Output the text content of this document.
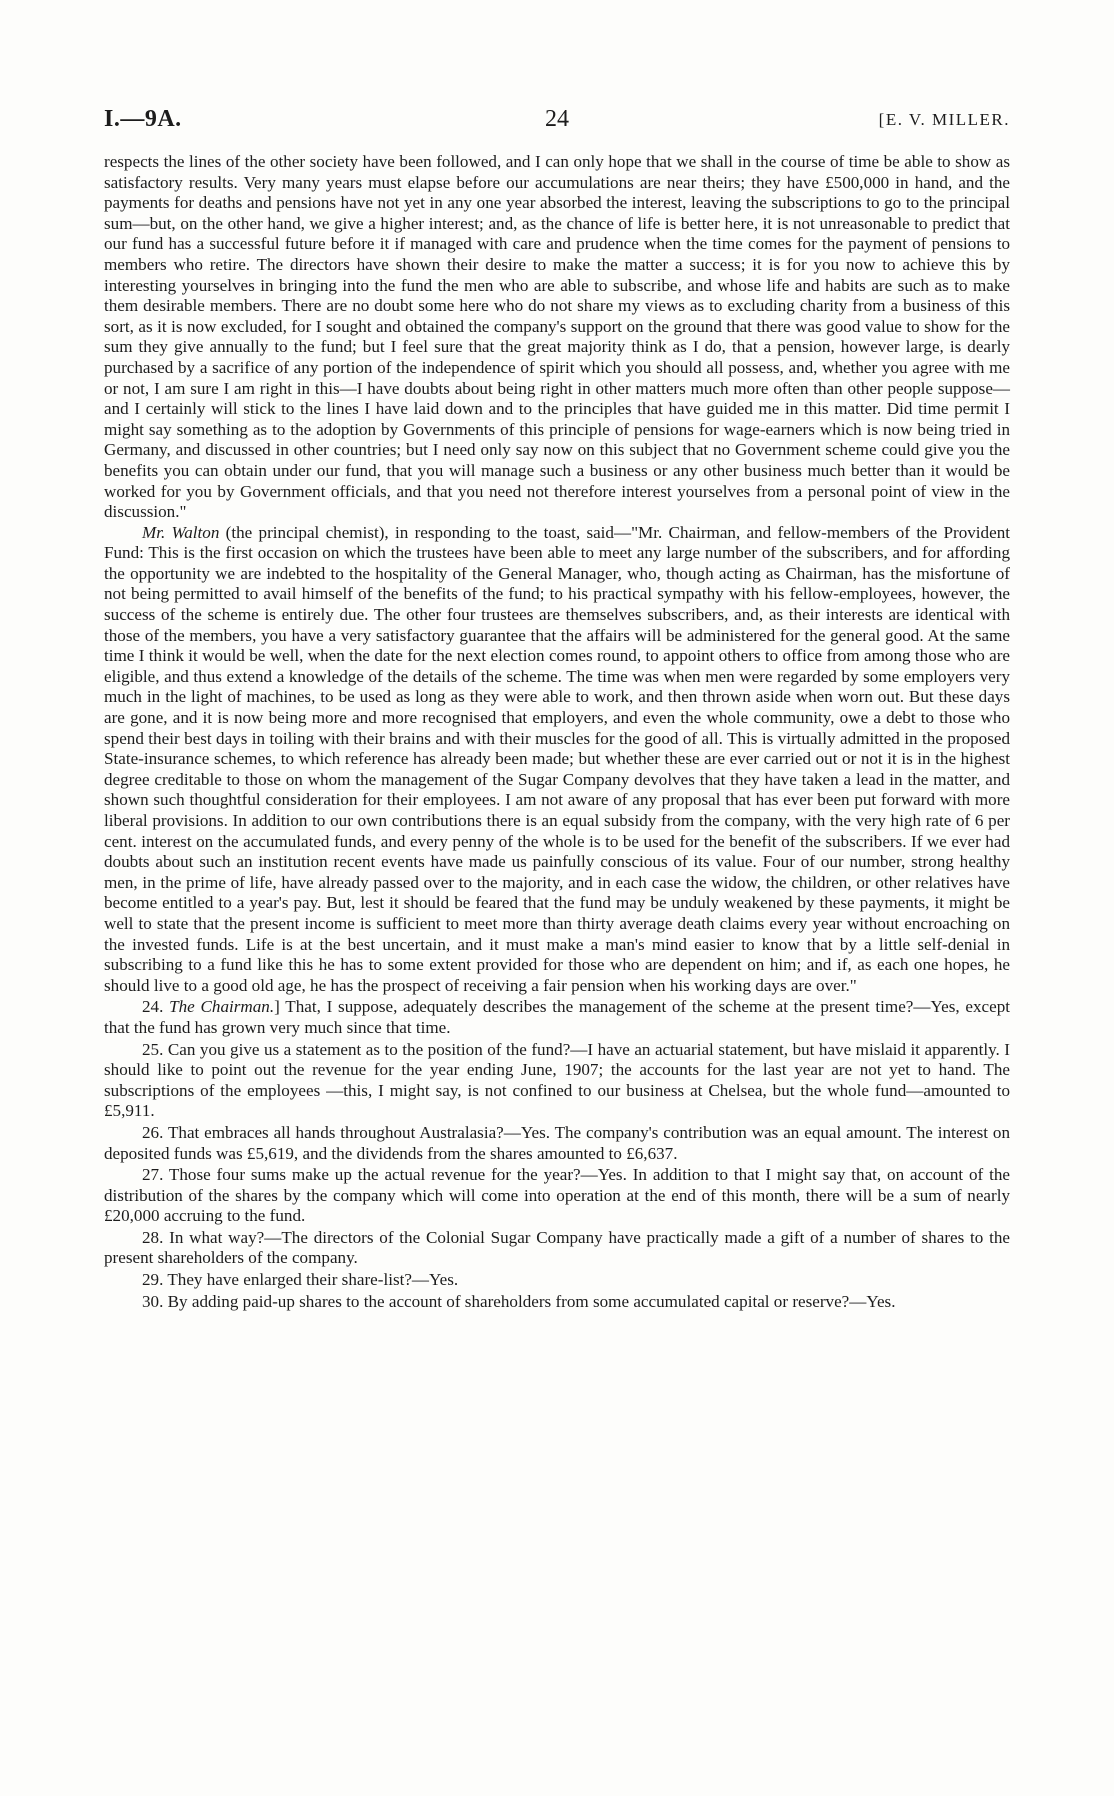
I.—9A.	24	[E. V. MILLER.

respects the lines of the other society have been followed, and I can only hope that we shall in the course of time be able to show as satisfactory results. Very many years must elapse before our accumulations are near theirs; they have £500,000 in hand, and the payments for deaths and pensions have not yet in any one year absorbed the interest, leaving the subscriptions to go to the principal sum—but, on the other hand, we give a higher interest; and, as the chance of life is better here, it is not unreasonable to predict that our fund has a successful future before it if managed with care and prudence when the time comes for the payment of pensions to members who retire. The directors have shown their desire to make the matter a success; it is for you now to achieve this by interesting yourselves in bringing into the fund the men who are able to subscribe, and whose life and habits are such as to make them desirable members. There are no doubt some here who do not share my views as to excluding charity from a business of this sort, as it is now excluded, for I sought and obtained the company's support on the ground that there was good value to show for the sum they give annually to the fund; but I feel sure that the great majority think as I do, that a pension, however large, is dearly purchased by a sacrifice of any portion of the independence of spirit which you should all possess, and, whether you agree with me or not, I am sure I am right in this—I have doubts about being right in other matters much more often than other people suppose—and I certainly will stick to the lines I have laid down and to the principles that have guided me in this matter. Did time permit I might say something as to the adoption by Governments of this principle of pensions for wage-earners which is now being tried in Germany, and discussed in other countries; but I need only say now on this subject that no Government scheme could give you the benefits you can obtain under our fund, that you will manage such a business or any other business much better than it would be worked for you by Government officials, and that you need not therefore interest yourselves from a personal point of view in the discussion."

Mr. Walton (the principal chemist), in responding to the toast, said—"Mr. Chairman, and fellow-members of the Provident Fund: This is the first occasion on which the trustees have been able to meet any large number of the subscribers, and for affording the opportunity we are indebted to the hospitality of the General Manager, who, though acting as Chairman, has the misfortune of not being permitted to avail himself of the benefits of the fund; to his practical sympathy with his fellow-employees, however, the success of the scheme is entirely due. The other four trustees are themselves subscribers, and, as their interests are identical with those of the members, you have a very satisfactory guarantee that the affairs will be administered for the general good. At the same time I think it would be well, when the date for the next election comes round, to appoint others to office from among those who are eligible, and thus extend a knowledge of the details of the scheme. The time was when men were regarded by some employers very much in the light of machines, to be used as long as they were able to work, and then thrown aside when worn out. But these days are gone, and it is now being more and more recognised that employers, and even the whole community, owe a debt to those who spend their best days in toiling with their brains and with their muscles for the good of all. This is virtually admitted in the proposed State-insurance schemes, to which reference has already been made; but whether these are ever carried out or not it is in the highest degree creditable to those on whom the management of the Sugar Company devolves that they have taken a lead in the matter, and shown such thoughtful consideration for their employees. I am not aware of any proposal that has ever been put forward with more liberal provisions. In addition to our own contributions there is an equal subsidy from the company, with the very high rate of 6 per cent. interest on the accumulated funds, and every penny of the whole is to be used for the benefit of the subscribers. If we ever had doubts about such an institution recent events have made us painfully conscious of its value. Four of our number, strong healthy men, in the prime of life, have already passed over to the majority, and in each case the widow, the children, or other relatives have become entitled to a year's pay. But, lest it should be feared that the fund may be unduly weakened by these payments, it might be well to state that the present income is sufficient to meet more than thirty average death claims every year without encroaching on the invested funds. Life is at the best uncertain, and it must make a man's mind easier to know that by a little self-denial in subscribing to a fund like this he has to some extent provided for those who are dependent on him; and if, as each one hopes, he should live to a good old age, he has the prospect of receiving a fair pension when his working days are over."

24. The Chairman.] That, I suppose, adequately describes the management of the scheme at the present time?—Yes, except that the fund has grown very much since that time.

25. Can you give us a statement as to the position of the fund?—I have an actuarial statement, but have mislaid it apparently. I should like to point out the revenue for the year ending June, 1907; the accounts for the last year are not yet to hand. The subscriptions of the employees —this, I might say, is not confined to our business at Chelsea, but the whole fund—amounted to £5,911.

26. That embraces all hands throughout Australasia?—Yes. The company's contribution was an equal amount. The interest on deposited funds was £5,619, and the dividends from the shares amounted to £6,637.

27. Those four sums make up the actual revenue for the year?—Yes. In addition to that I might say that, on account of the distribution of the shares by the company which will come into operation at the end of this month, there will be a sum of nearly £20,000 accruing to the fund.

28. In what way?—The directors of the Colonial Sugar Company have practically made a gift of a number of shares to the present shareholders of the company.

29. They have enlarged their share-list?—Yes.

30. By adding paid-up shares to the account of shareholders from some accumulated capital or reserve?—Yes.
